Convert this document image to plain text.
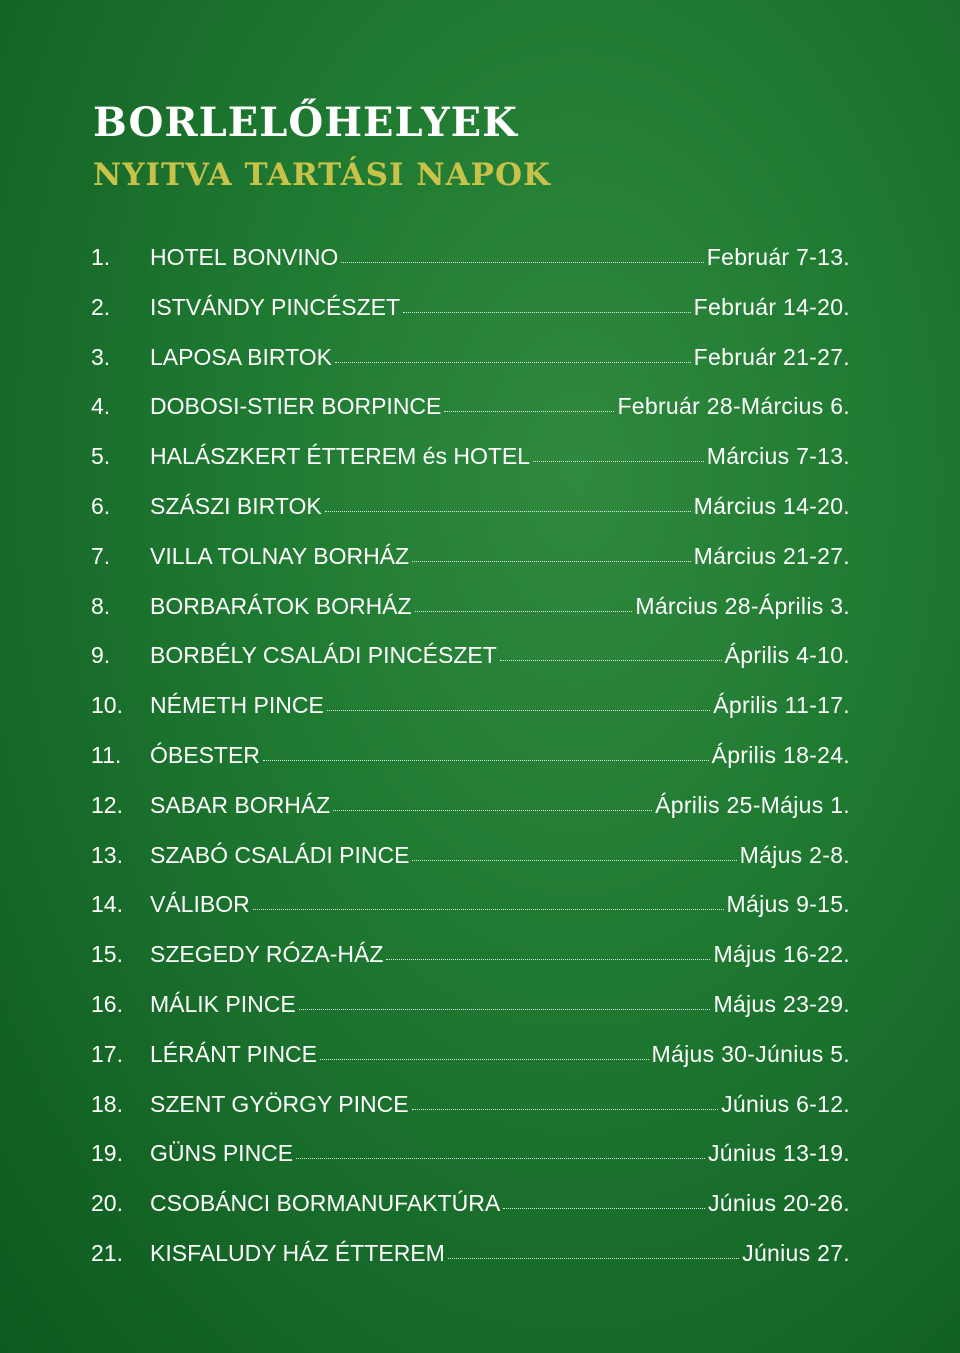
BORLELŐHELYEK
NYITVA TARTÁSI NAPOK
1.	HOTEL BONVINO	Február 7-13.
2.	ISTVÁNDY PINCÉSZET	Február 14-20.
3.	LAPOSA BIRTOK	Február 21-27.
4.	DOBOSI-STIER BORPINCE	Február 28-Március 6.
5.	HALÁSZKERT ÉTTEREM és HOTEL	Március 7-13.
6.	SZÁSZI BIRTOK	Március 14-20.
7.	VILLA TOLNAY BORHÁZ	Március 21-27.
8.	BORBARÁTOK BORHÁZ	Március 28-Április 3.
9.	BORBÉLY CSALÁDI PINCÉSZET	Április 4-10.
10.	NÉMETH PINCE	Április 11-17.
11.	ÓBESTER	Április 18-24.
12.	SABAR BORHÁZ	Április 25-Május 1.
13.	SZABÓ CSALÁDI PINCE	Május 2-8.
14.	VÁLIBOR	Május 9-15.
15.	SZEGEDY RÓZA-HÁZ	Május 16-22.
16.	MÁLIK PINCE	Május 23-29.
17.	LÉRÁNT PINCE	Május 30-Június 5.
18.	SZENT GYÖRGY PINCE	Június 6-12.
19.	GÜNS PINCE	Június 13-19.
20.	CSOBÁNCI BORMANUFAKTÚRA	Június 20-26.
21.	KISFALUDY HÁZ ÉTTEREM	Június 27.
